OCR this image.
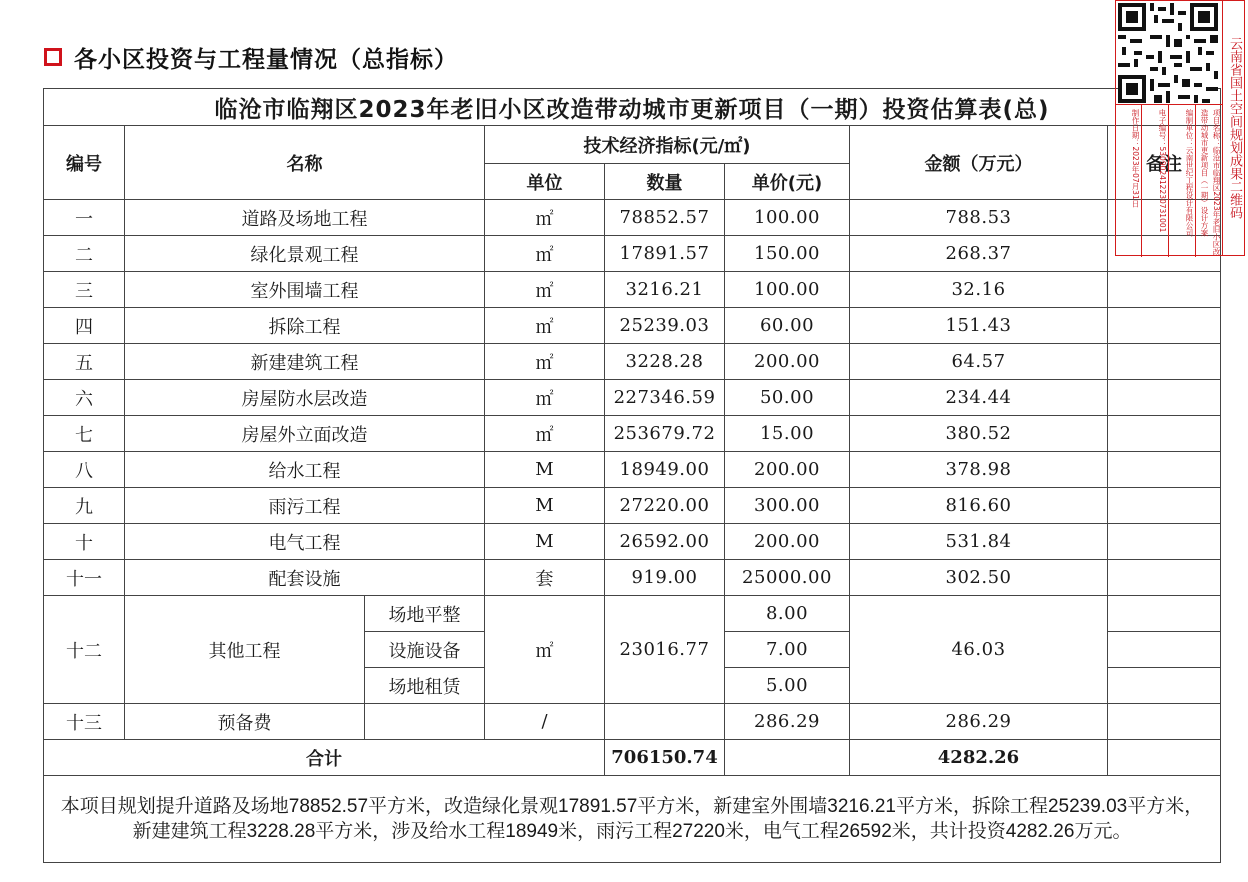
各小区投资与工程量情况（总指标）
临沧市临翔区2023年老旧小区改造带动城市更新项目（一期）投资估算表(总)							
编号	名称		技术经济指标(元/㎡)			金额（万元）	备注
			单位	数量	单价(元)		
一	道路及场地工程		㎡	78852.57	100.00	788.53	
二	绿化景观工程		㎡	17891.57	150.00	268.37	
三	室外围墙工程		㎡	3216.21	100.00	32.16	
四	拆除工程		㎡	25239.03	60.00	151.43	
五	新建建筑工程		㎡	3228.28	200.00	64.57	
六	房屋防水层改造		㎡	227346.59	50.00	234.44	
七	房屋外立面改造		㎡	253679.72	15.00	380.52	
八	给水工程		M	18949.00	200.00	378.98	
九	雨污工程		M	27220.00	300.00	816.60	
十	电气工程		M	26592.00	200.00	531.84	
十一	配套设施		套	919.00	25000.00	302.50	
十二	其他工程	场地平整	㎡	23016.77	8.00	46.03	
		设施设备			7.00		
		场地租赁			5.00		
十三	预备费		/		286.29	286.29	
合计				706150.74		4282.26	
本项目规划提升道路及场地78852.57平方米，改造绿化景观17891.57平方米，新建室外围墙3216.21平方米，拆除工程25239.03平方米，新建建筑工程3228.28平方米，涉及给水工程18949米，雨污工程27220米，电气工程26592米，共计投资4282.26万元。							
云南省国土空间规划成果二维码
制作日期：2023年07月31日	电子编号：5309024122307310​01	编制单位：云南世纪工程设计有限公司	项目名称：临沧市临翔区2023年老旧小区改造带动城市更新项目（一期）设计方案
